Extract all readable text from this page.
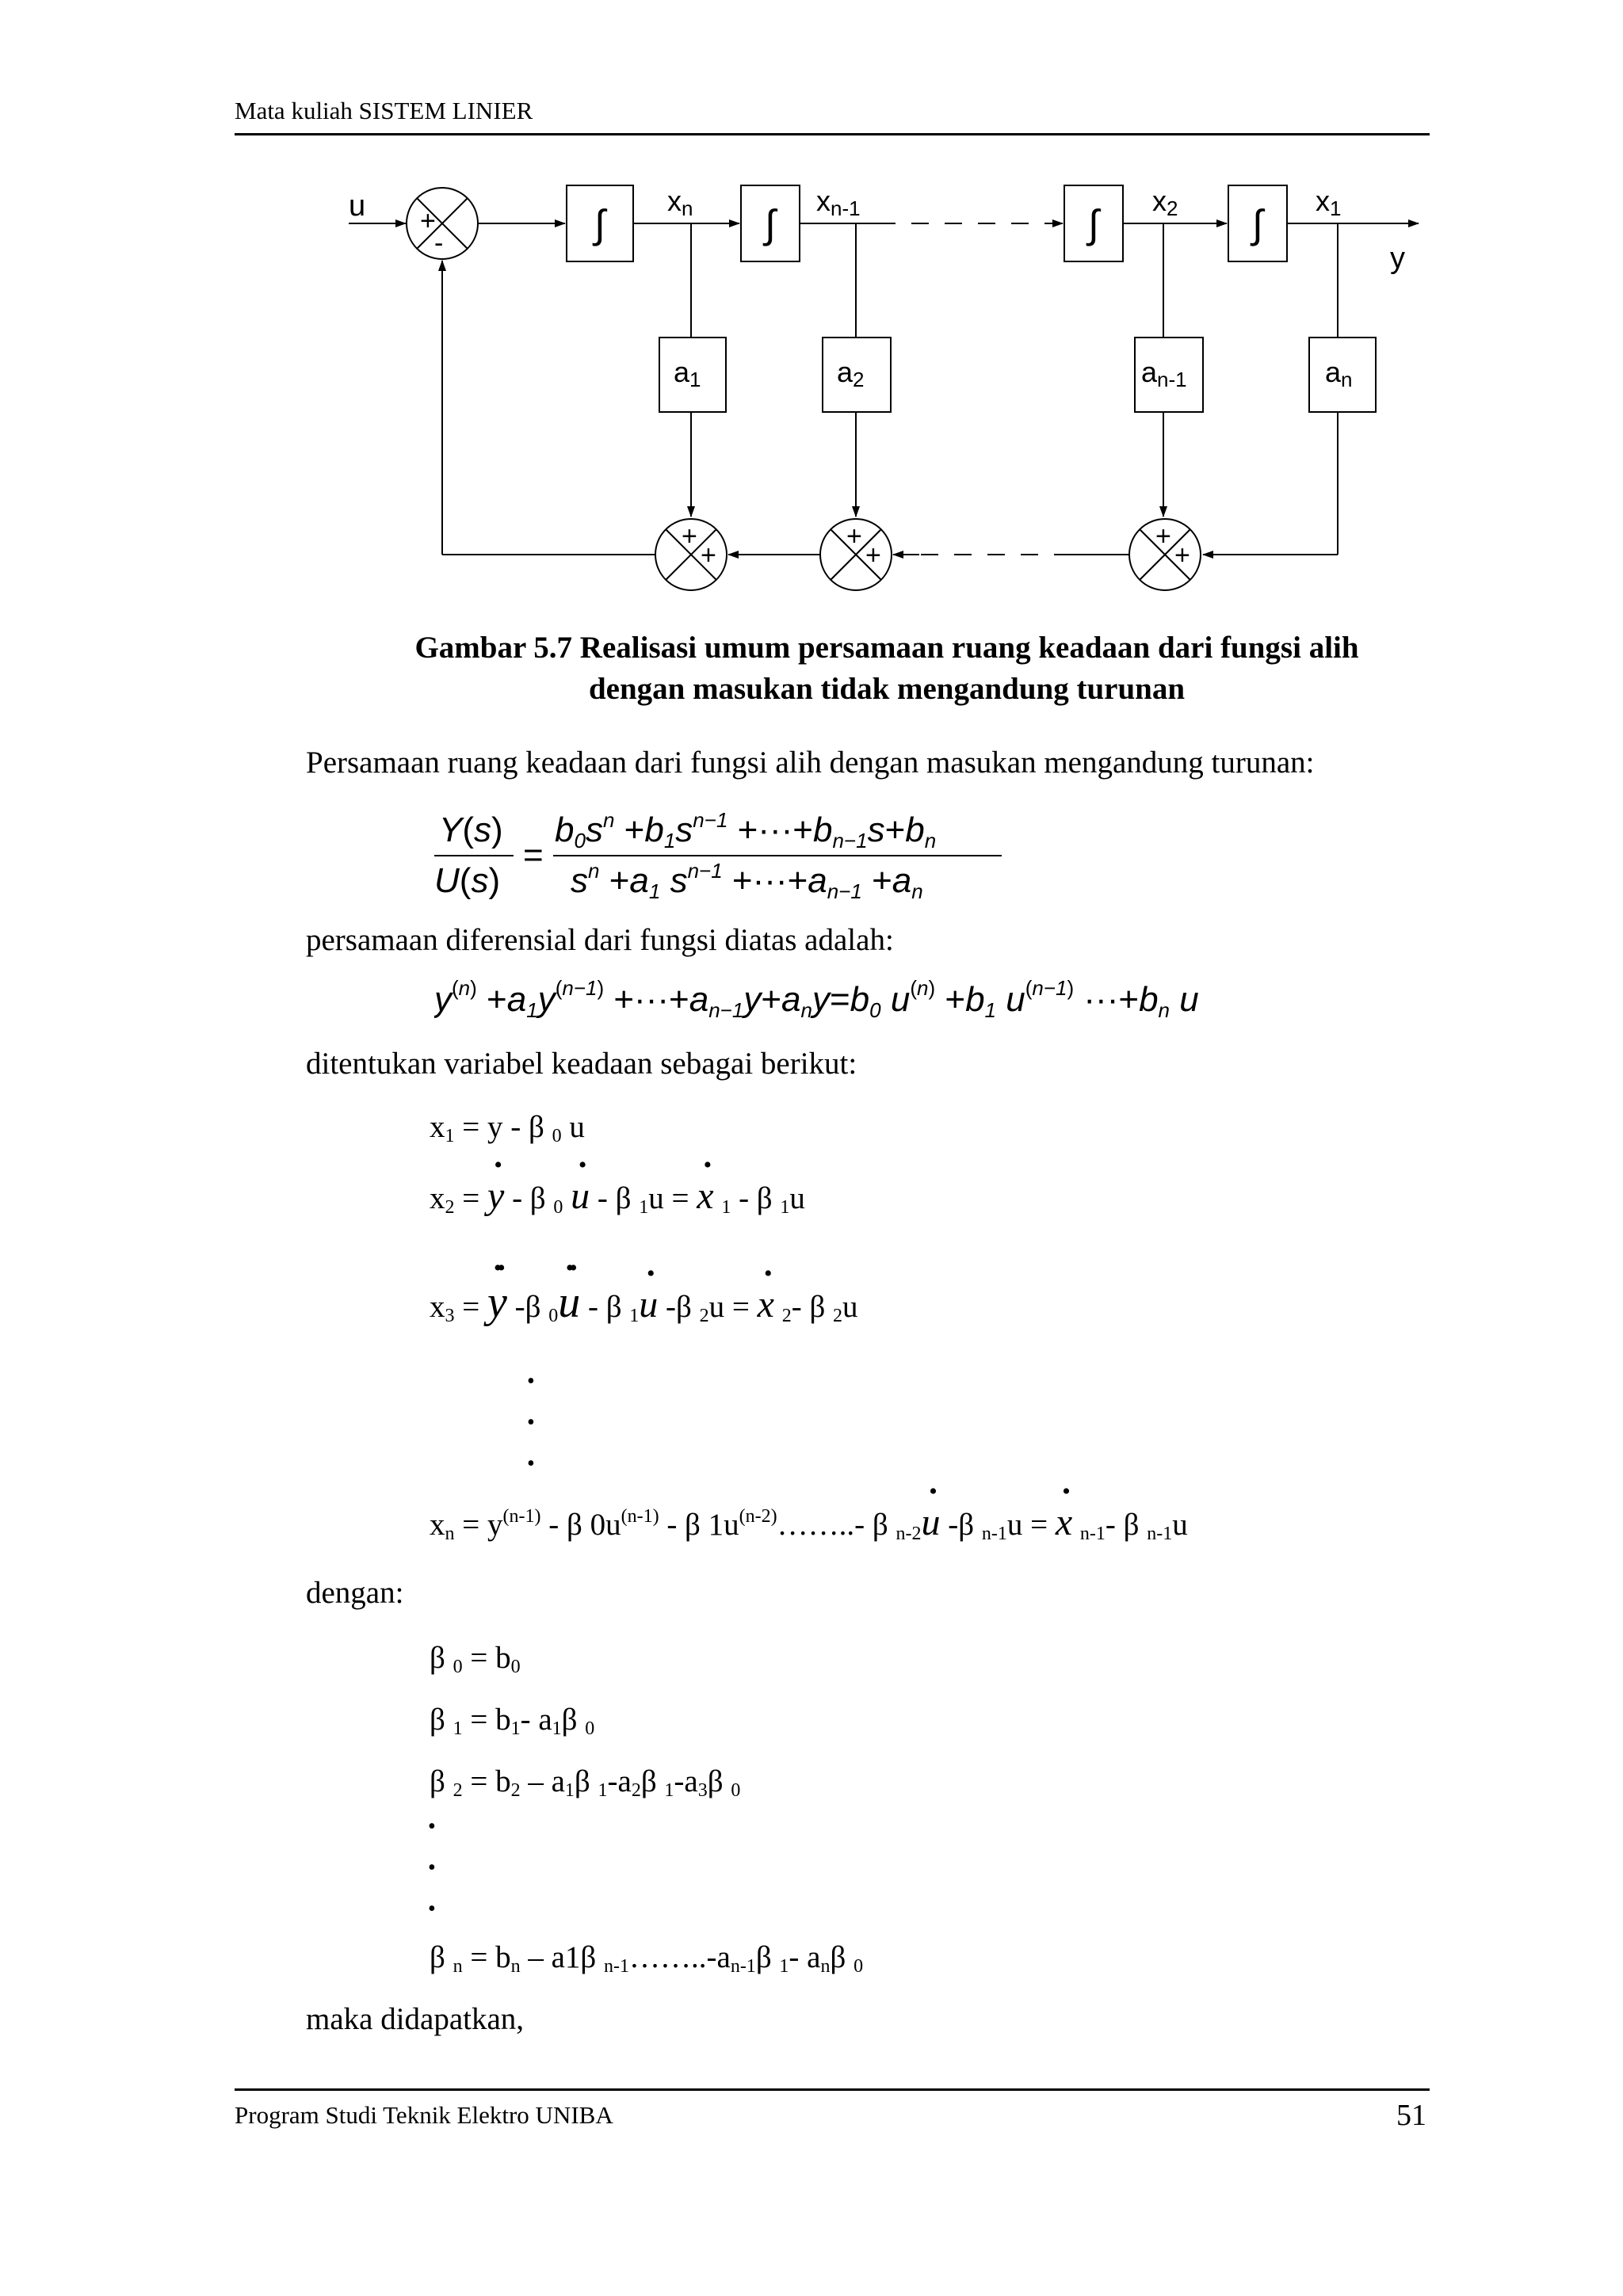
Mata kuliah SISTEM LINIER
u +
-	∫	∫	∫	∫
xn	xn-1	x2	x1
y
a1	a2	an-1	an
+
+
+
+
+
+
Gambar 5.7 Realisasi umum persamaan ruang keadaan dari fungsi alih
dengan masukan tidak mengandung turunan
Persamaan ruang keadaan dari fungsi alih dengan masukan mengandung turunan:
Y(s)
U(s)
=
$b0s^n +b1s^{n-1} +\cdot\cdot\cdot+bn-1s+bn$
$s^n +a1$ $s^{n-1} +\cdot\cdot\cdot+an-1 +an$
persamaan diferensial dari fungsi diatas adalah:
y(n) +a1y(n−1) +···+an−1y+any=b0 u(n) +b1 u(n−1) ···+bn u
ditentukan variabel keadaan sebagai berikut:
$x_1 = y - \beta$ $_0$ u
$x_2 = y$
•
- β $_0$ u
•
- β $_1$u = x
•
$_1$ - β $_1$u
$x_3 = y$
••
-β $_0$u
••
- β $_1$u
•
-β $_2$u = x
•
$_2$- β $_2$u
•
•
•
$x_n = y^{(n-1)} - \beta$ $0u^{(n-1)}$ - β $1u^{(n-2)}\dots\dots..-$ β $_{n-2}$u
•
-β $_{n-1}$u = x
•
$_{n-1}$- β $_{n-1}$u
dengan:
β $_0 = b_0$
β $_1 = b_1-$ $a_1\beta$ $_0$
β $_2 = b_2 - a_1\beta$ $_1-a_2\beta$ $_1-a_3\beta$ $_0$
•
•
•
β $_n = b_n - a1\beta$ $_{n-1}\dots\dots..-a_{n-1}\beta$ $_1$- $a_n\beta$ $_0$
maka didapatkan,
Program Studi Teknik Elektro UNIBA	51
